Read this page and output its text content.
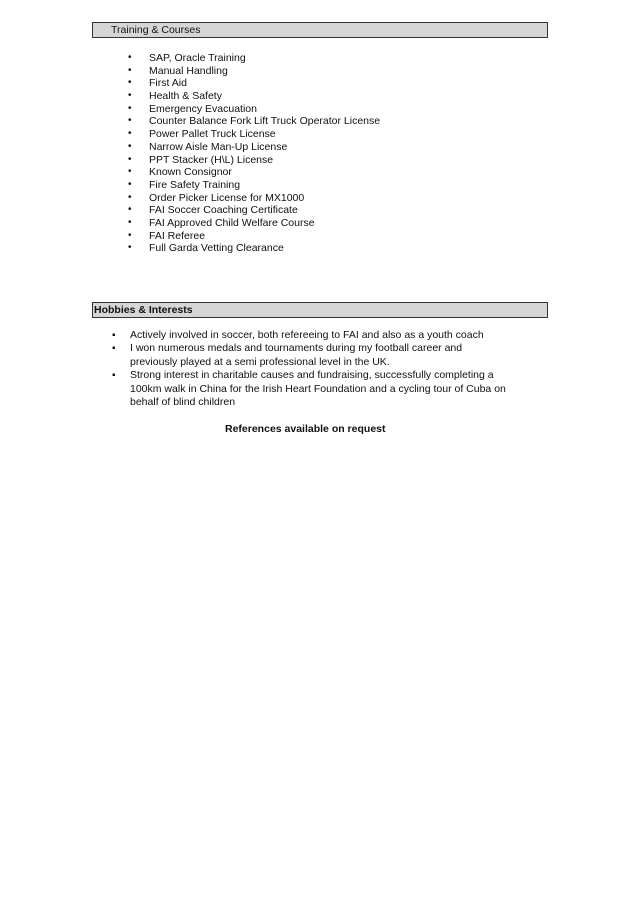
Training & Courses
• SAP, Oracle Training
• Manual Handling
• First Aid
• Health & Safety
• Emergency Evacuation
• Counter Balance Fork Lift Truck Operator License
• Power Pallet Truck License
• Narrow Aisle Man-Up License
• PPT Stacker (H\L) License
• Known Consignor
• Fire Safety Training
• Order Picker License for MX1000
• FAI Soccer Coaching Certificate
• FAI Approved Child Welfare Course
• FAI Referee
• Full Garda Vetting Clearance
Hobbies & Interests
▪ Actively involved in soccer, both refereeing to FAI and also as a youth coach
▪ I won numerous medals and tournaments during my football career and previously played at a semi professional level in the UK.
▪ Strong interest in charitable causes and fundraising, successfully completing a 100km walk in China for the Irish Heart Foundation and a cycling tour of Cuba on behalf of blind children
References available on request
